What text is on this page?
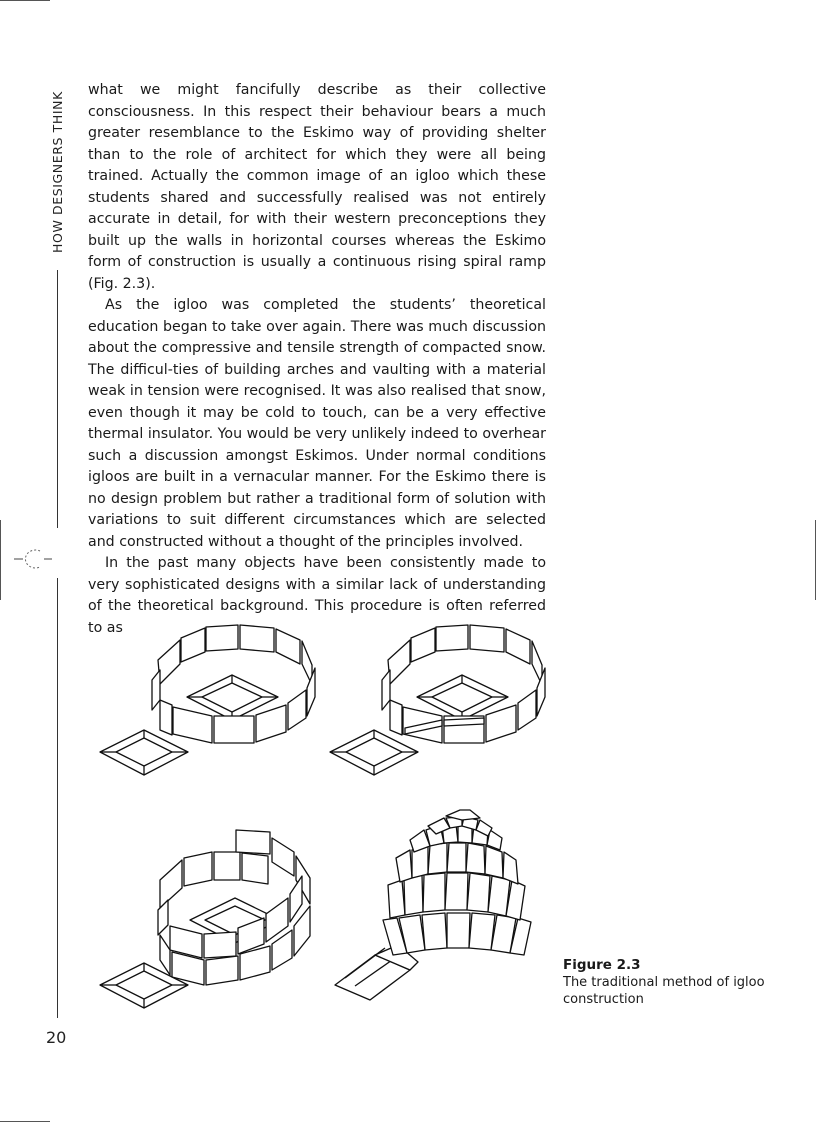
HOW DESIGNERS THINK
20

what we might fancifully describe as their collective consciousness. In this respect their behaviour bears a much greater resemblance to the Eskimo way of providing shelter than to the role of architect for which they were all being trained. Actually the common image of an igloo which these students shared and successfully realised was not entirely accurate in detail, for with their western preconceptions they built up the walls in horizontal courses whereas the Eskimo form of construction is usually a continuous rising spiral ramp (Fig. 2.3).

As the igloo was completed the students’ theoretical education began to take over again. There was much discussion about the compressive and tensile strength of compacted snow. The difficul-ties of building arches and vaulting with a material weak in tension were recognised. It was also realised that snow, even though it may be cold to touch, can be a very effective thermal insulator. You would be very unlikely indeed to overhear such a discussion amongst Eskimos. Under normal conditions igloos are built in a vernacular manner. For the Eskimo there is no design problem but rather a traditional form of solution with variations to suit different circumstances which are selected and constructed without a thought of the principles involved.

In the past many objects have been consistently made to very sophisticated designs with a similar lack of understanding of the theoretical background. This procedure is often referred to as

Figure 2.3
The traditional method of igloo construction
